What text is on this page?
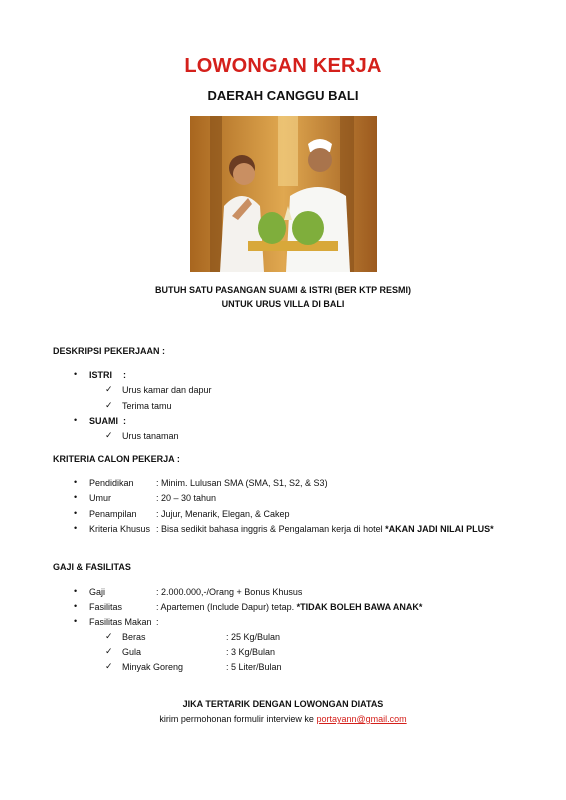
LOWONGAN KERJA
DAERAH CANGGU BALI
BUTUH SATU PASANGAN SUAMI & ISTRI (BER KTP RESMI)
UNTUK URUS VILLA DI BALI
DESKRIPSI PEKERJAAN :
• ISTRI :
✓ Urus kamar dan dapur
✓ Terima tamu
• SUAMI :
✓ Urus tanaman
KRITERIA CALON PEKERJA :
• Pendidikan : Minim. Lulusan SMA (SMA, S1, S2, & S3)
• Umur	: 20 – 30 tahun
• Penampilan : Jujur, Menarik, Elegan, & Cakep
• Kriteria Khusus : Bisa sedikit bahasa inggris & Pengalaman kerja di hotel *AKAN JADI NILAI PLUS*
GAJI & FASILITAS
• Gaji	: 2.000.000,-/Orang + Bonus Khusus
• Fasilitas	: Apartemen (Include Dapur) tetap. *TIDAK BOLEH BAWA ANAK*
• Fasilitas Makan :
✓ Beras	: 25 Kg/Bulan
✓ Gula	: 3 Kg/Bulan
✓ Minyak Goreng	: 5 Liter/Bulan
JIKA TERTARIK DENGAN LOWONGAN DIATAS
kirim permohonan formulir interview ke portayann@gmail.com
